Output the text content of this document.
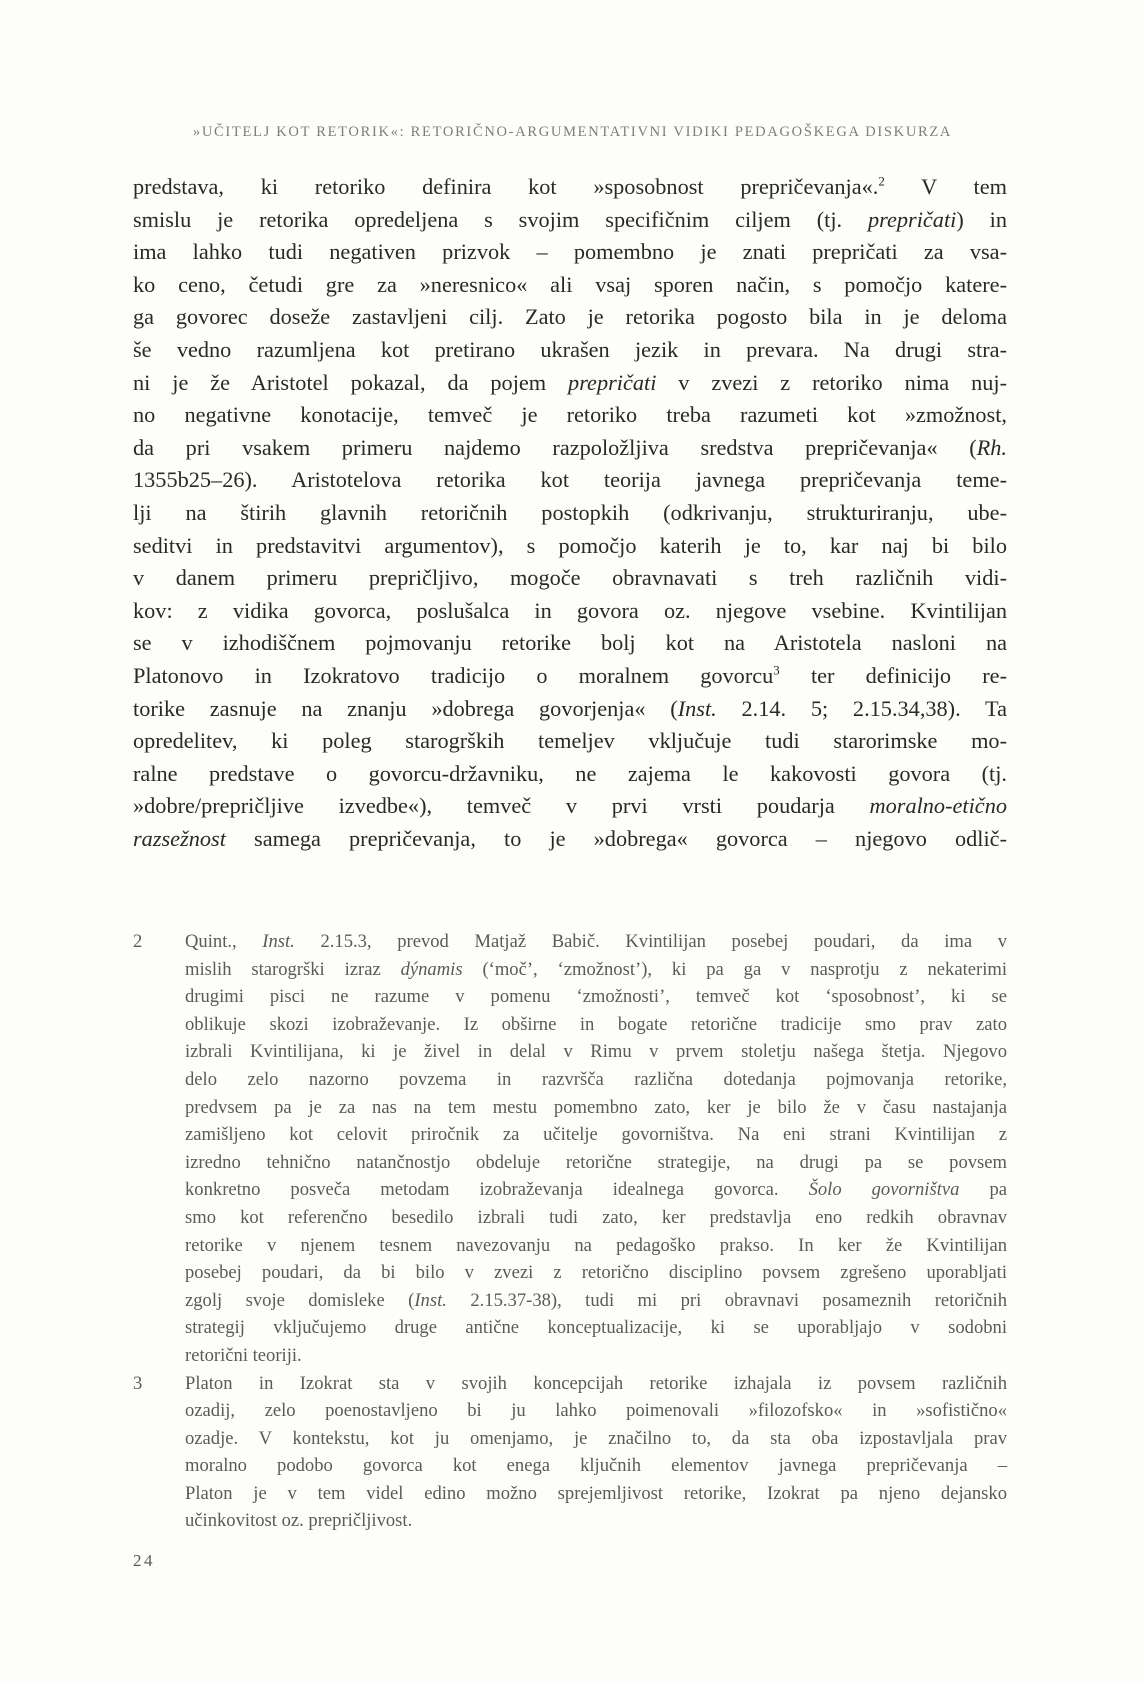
»UČITELJ KOT RETORIK«: RETORIČNO-ARGUMENTATIVNI VIDIKI PEDAGOŠKEGA DISKURZA
predstava, ki retoriko definira kot »sposobnost prepričevanja«.$^2$ V tem
smislu je retorika opredeljena s svojim specifičnim ciljem (tj. prepričati) in
ima lahko tudi negativen prizvok – pomembno je znati prepričati za vsa-
ko ceno, četudi gre za »neresnico« ali vsaj sporen način, s pomočjo katere-
ga govorec doseže zastavljeni cilj. Zato je retorika pogosto bila in je deloma
še vedno razumljena kot pretirano ukrašen jezik in prevara. Na drugi stra-
ni je že Aristotel pokazal, da pojem prepričati v zvezi z retoriko nima nuj-
no negativne konotacije, temveč je retoriko treba razumeti kot »zmožnost,
da pri vsakem primeru najdemo razpoložljiva sredstva prepričevanja« (Rh.
1355b25–26). Aristotelova retorika kot teorija javnega prepričevanja teme-
lji na štirih glavnih retoričnih postopkih (odkrivanju, strukturiranju, ube-
seditvi in predstavitvi argumentov), s pomočjo katerih je to, kar naj bi bilo
v danem primeru prepričljivo, mogoče obravnavati s treh različnih vidi-
kov: z vidika govorca, poslušalca in govora oz. njegove vsebine. Kvintilijan
se v izhodiščnem pojmovanju retorike bolj kot na Aristotela nasloni na
Platonovo in Izokratovo tradicijo o moralnem govorcu$^3$ ter definicijo re-
torike zasnuje na znanju »dobrega govorjenja« (Inst. 2.14. 5; 2.15.34,38). Ta
opredelitev, ki poleg starogrških temeljev vključuje tudi starorimske mo-
ralne predstave o govorcu-državniku, ne zajema le kakovosti govora (tj.
»dobre/prepričljive izvedbe«), temveč v prvi vrsti poudarja moralno-etično
razsežnost samega prepričevanja, to je »dobrega« govorca – njegovo odlič-
2	Quint., Inst. 2.15.3, prevod Matjaž Babič. Kvintilijan posebej poudari, da ima v
mislih starogrški izraz dýnamis (‘moč’, ‘zmožnost’), ki pa ga v nasprotju z nekaterimi
drugimi pisci ne razume v pomenu ‘zmožnosti’, temveč kot ‘sposobnost’, ki se
oblikuje skozi izobraževanje. Iz obširne in bogate retorične tradicije smo prav zato
izbrali Kvintilijana, ki je živel in delal v Rimu v prvem stoletju našega štetja. Njegovo
delo zelo nazorno povzema in razvršča različna dotedanja pojmovanja retorike,
predvsem pa je za nas na tem mestu pomembno zato, ker je bilo že v času nastajanja
zamišljeno kot celovit priročnik za učitelje govorništva. Na eni strani Kvintilijan z
izredno tehnično natančnostjo obdeluje retorične strategije, na drugi pa se povsem
konkretno posveča metodam izobraževanja idealnega govorca. Šolo govorništva pa
smo kot referenčno besedilo izbrali tudi zato, ker predstavlja eno redkih obravnav
retorike v njenem tesnem navezovanju na pedagoško prakso. In ker že Kvintilijan
posebej poudari, da bi bilo v zvezi z retorično disciplino povsem zgrešeno uporabljati
zgolj svoje domisleke (Inst. 2.15.37-38), tudi mi pri obravnavi posameznih retoričnih
strategij vključujemo druge antične konceptualizacije, ki se uporabljajo v sodobni
retorični teoriji.
3	Platon in Izokrat sta v svojih koncepcijah retorike izhajala iz povsem različnih
ozadij, zelo poenostavljeno bi ju lahko poimenovali »filozofsko« in »sofistično«
ozadje. V kontekstu, kot ju omenjamo, je značilno to, da sta oba izpostavljala prav
moralno podobo govorca kot enega ključnih elementov javnega prepričevanja –
Platon je v tem videl edino možno sprejemljivost retorike, Izokrat pa njeno dejansko
učinkovitost oz. prepričljivost.
24
